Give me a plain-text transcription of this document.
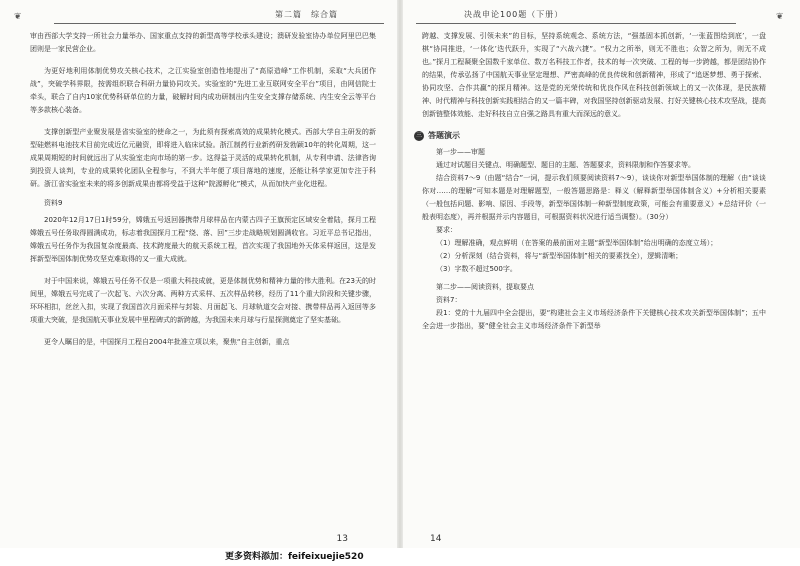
❦	第二篇　综合篇

审由西部大学支持一所社会力量举办、国家重点支持的新型高等学校承头建设；澳研发验室协办单位阿里巴巴集团则是一家民营企业。

为更好地利用体制优势攻关核心技术，之江实验室创造性地提出了“高原造峰”工作机制，采取“大兵团作战”，突破学科界限，按需组织联合科研力量协同攻关。实验室的“先进工业互联网安全平台”项目，由网信院士牵头，联合了自内10家优势科研单位的力量，破解时间内成功研制出内生安全支撑存储系统、内生安全云等平台等多款核心装备。

支撑创新型产业聚发展是省实验室的使命之一，为此须有探索高效的成果转化模式。西部大学自主研发的新型硅燃料电池技术目前完成近亿元融资，即将进入临床试验。浙江制药行业新药研发勃颖10年的转化周期，这一成果周期短的时间就远出了从实验室走向市场的第一步。这得益于灵活的成果转化机制，从专利申请、法律咨询到投资人谈判，专业的成果转化团队全程参与，不到大半年便了项目落地的速度，还能让科学家更加专注于科研。浙江省实验室未来的将多创新成果由都将受益于这种“院源孵化”模式，从而加快产业化进程。

资料9

2020年12月17日1时59分，嫦娥五号返回器携带月球样品在内蒙古四子王旗预定区域安全着陆，探月工程嫦娥五号任务取得圆满成功，标志着我国探月工程“绕、落、回”三步走战略规划圆满收官。习近平总书记指出，嫦娥五号任务作为我国复杂度最高、技术跨度最大的航天系统工程，首次实现了我国地外天体采样返回，这是发挥新型举国体制优势攻坚克难取得的又一重大成就。

对于中国来说，嫦娥五号任务不仅是一项重大科技成就，更是体制优势和精神力量的伟大胜利。在23天的时间里，嫦娥五号完成了一次起飞、六次分离、两种方式采样、五次样品转移，经历了11个重大阶段和关键步骤，环环相扣，丝丝入扣，实现了我国首次月面采样与封装、月面起飞、月球轨道交会对接、携带样品再入返回等多项重大突破，是我国航天事业发展中里程碑式的新跨越，为我国未来月球与行星探测奠定了坚实基础。

更令人瞩目的是，中国探月工程自2004年批准立项以来，聚焦“自主创新，重点

13
决战申论100题（下册）	❦

跨越、支撑发展、引领未来”的目标，坚持系统观念、系统方法，“强基固本抓创新，‘一张蓝图绘到底’，一盘棋“协同推进，‘一体化’迭代跃升，实现了“六战六捷”。“权力之所举，则无不胜也；众智之所为，则无不成也。”探月工程凝聚全国数千家单位、数万名科技工作者，技术的每一次突破、工程的每一步跨越，都是团结协作的结果，传承弘扬了中国航天事业坚定理想、严密高峰的优良传统和创新精神，形成了“追逐梦想、勇于探索、协同攻坚、合作共赢”的探月精神。这是党的光荣传统和优良作风在科技创新领域上的又一次体现，是民族精神、时代精神与科技创新实践相结合的又一篇丰碑，对我国坚持创新驱动发展、打好关键核心技术攻坚战，提高创新链整体效能、走好科技自立自强之路具有重大而深远的意义。

三 答题演示

第一步——审题

通过对试题目关键点、明确题型、题目的主题、答题要求，资料限制和作答要求等。

结合资料7～9（由题“结合”一词，提示我们须要阅读资料7～9），谈谈你对新型举国体制的理解（由“谈谈你对……的理解”可知本题是对理解题型，一般答题思路是：释义（解释新型举国体制含义）+分析相关要素（一般包括问题、影响、原因、手段等，新型举国体制一种新型制度政策，可能会有重要意义）+总结评价（一般表明态度），再并根据并示内容题目，可根据资料状况进行适当调整）。（30分）

要求：

（1）理解准确，观点鲜明（在答案的最前面对主题“新型举国体制”给出明确的态度立场）；

（2）分析深刻（结合资料，将与“新型举国体制”相关的要素找全），逻辑清晰；

（3）字数不超过500字。

第二步——阅读资料，提取要点

资料7：

段1：党的十九届四中全会提出，要“构建社会主义市场经济条件下关键核心技术攻关新型举国体制”；五中全会进一步指出，要“健全社会主义市场经济条件下新型举

14
更多资料添加：feifeixuejie520
